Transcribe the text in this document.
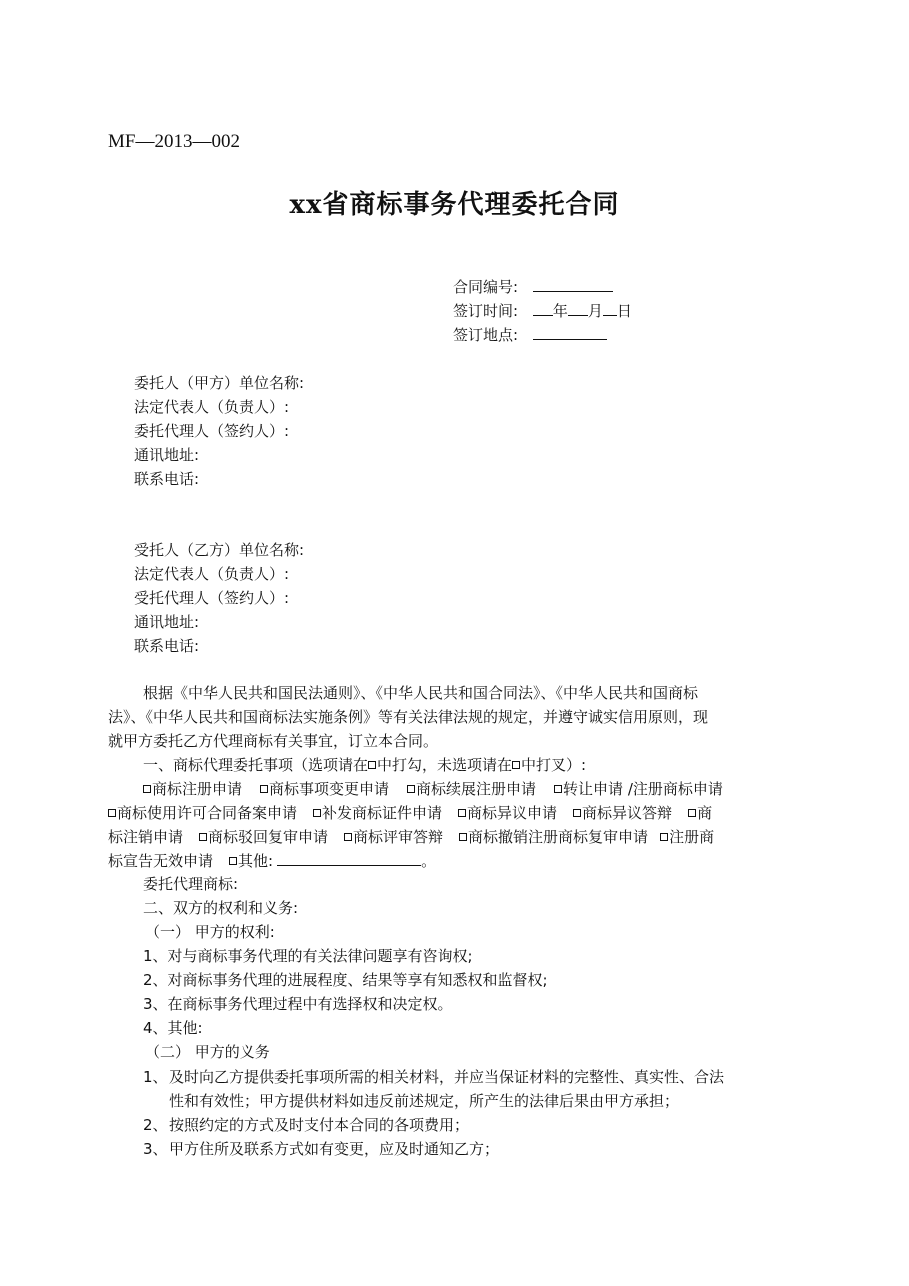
MF—2013—002
xx省商标事务代理委托合同
合同编号:
签订时间: 年 月 日
签订地点:
委托人（甲方）单位名称:
法定代表人（负责人）:
委托代理人（签约人）:
通讯地址:
联系电话:
受托人（乙方）单位名称:
法定代表人（负责人）:
受托代理人（签约人）:
通讯地址:
联系电话:
根据《中华人民共和国民法通则》、《中华人民共和国合同法》、《中华人民共和国商标
法》、《中华人民共和国商标法实施条例》等有关法律法规的规定，并遵守诚实信用原则，现
就甲方委托乙方代理商标有关事宜，订立本合同。
一、商标代理委托事项（选项请在 中打勾，未选项请在 中打叉）:
商标注册申请 商标事项变更申请 商标续展注册申请 转让申请 /注册商标申请
商标使用许可合同备案申请 补发商标证件申请 商标异议申请 商标异议答辩 商
标注销申请 商标驳回复审申请 商标评审答辩 商标撤销注册商标复审申请 注册商
标宣告无效申请 其他:	。
委托代理商标:
二、双方的权利和义务:
（一） 甲方的权利:
1、对与商标事务代理的有关法律问题享有咨询权;
2、对商标事务代理的进展程度、结果等享有知悉权和监督权;
3、在商标事务代理过程中有选择权和决定权。
4、其他:
（二） 甲方的义务
1、 及时向乙方提供委托事项所需的相关材料，并应当保证材料的完整性、真实性、合法
性和有效性；甲方提供材料如违反前述规定，所产生的法律后果由甲方承担；
2、 按照约定的方式及时支付本合同的各项费用；
3、 甲方住所及联系方式如有变更，应及时通知乙方；
